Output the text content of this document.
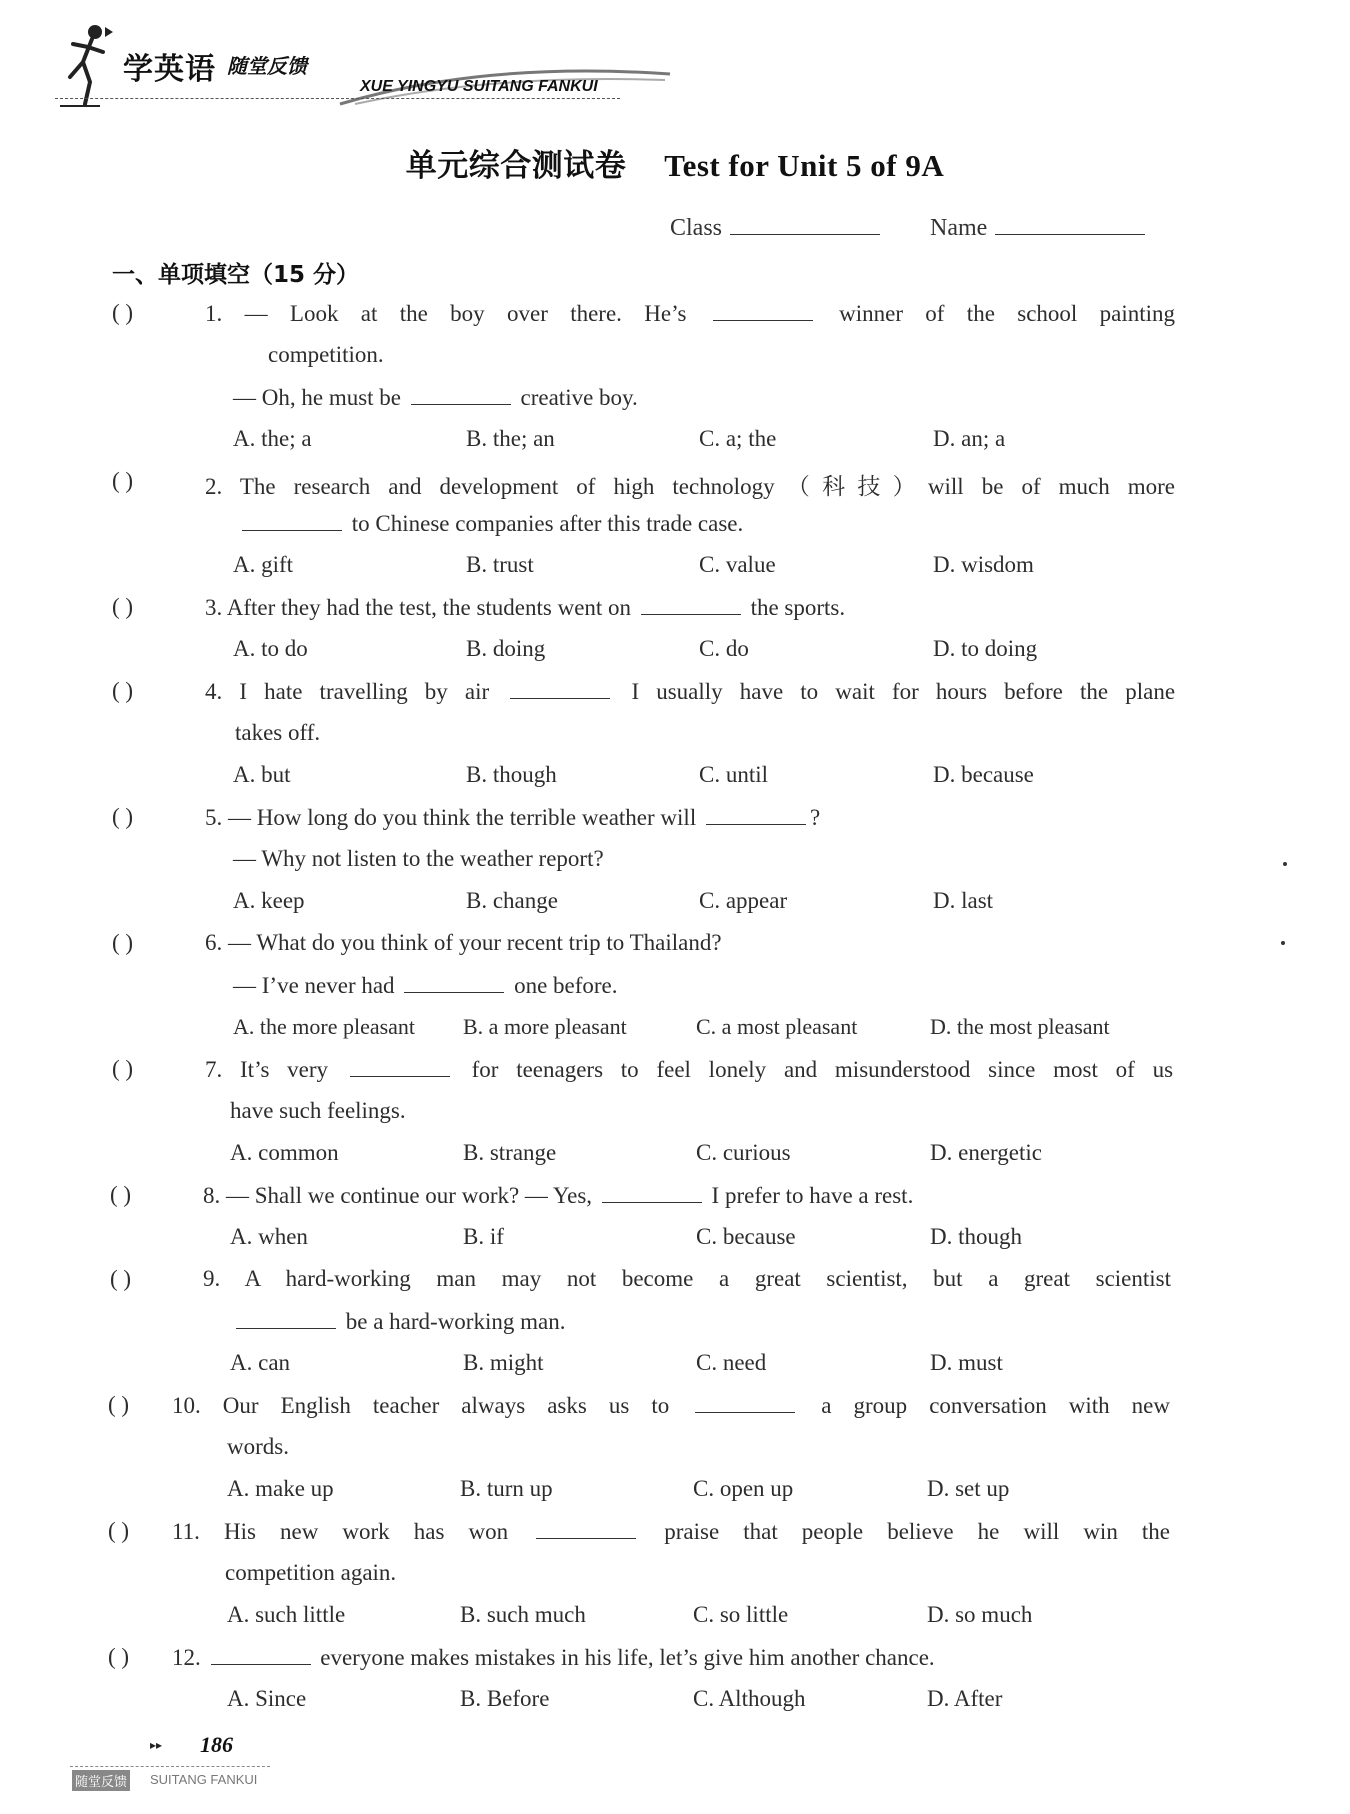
学英语 随堂反馈
XUE YINGYU SUITANG FANKUI
单元综合测试卷 Test for Unit 5 of 9A
Class	Name
一、单项填空（15 分）
( )	1. — Look at the boy over there. He’s	winner of the school painting
competition.
— Oh, he must be	creative boy.
A. the; a	B. the; an	C. a; the	D. an; a
( )	2. The research and development of high technology（科技）will be of much more
to Chinese companies after this trade case.
A. gift	B. trust	C. value	D. wisdom
( )	3. After they had the test, the students went on	the sports.
A. to do	B. doing	C. do	D. to doing
( )	4. I hate travelling by air	I usually have to wait for hours before the plane
takes off.
A. but	B. though	C. until	D. because
( )	5. — How long do you think the terrible weather will	?
— Why not listen to the weather report?
A. keep	B. change	C. appear	D. last
( )	6. — What do you think of your recent trip to Thailand?
— I’ve never had	one before.
A. the more pleasant B. a more pleasant	C. a most pleasant	D. the most pleasant
( )	7. It’s very	for teenagers to feel lonely and misunderstood since most of us
have such feelings.
A. common	B. strange	C. curious	D. energetic
( )	8. — Shall we continue our work? — Yes,	I prefer to have a rest.
A. when	B. if	C. because	D. though
( )	9. A hard-working man may not become a great scientist, but a great scientist
be a hard-working man.
A. can	B. might	C. need	D. must
( ) 10. Our English teacher always asks us to	a group conversation with new
words.
A. make up	B. turn up	C. open up	D. set up
( ) 11. His new work has won	praise that people believe he will win the
competition again.
A. such little	B. such much	C. so little	D. so much
( ) 12.	everyone makes mistakes in his life, let’s give him another chance.
A. Since	B. Before	C. Although	D. After
▸▸ 186
随堂反馈 SUITANG FANKUI
